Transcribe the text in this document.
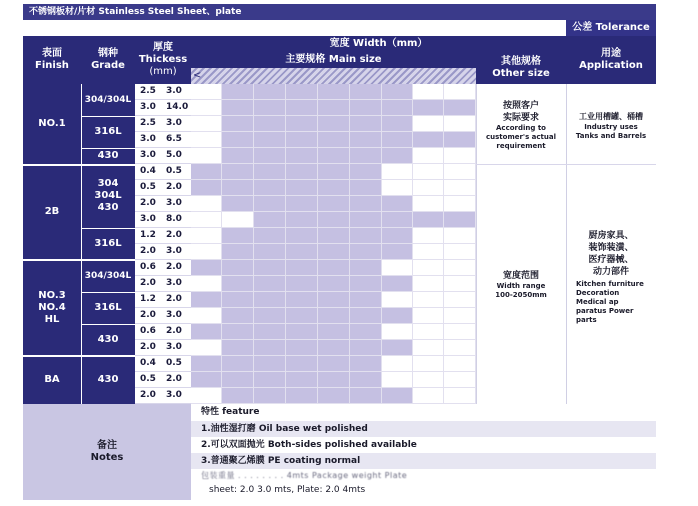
不锈钢板材/片材 Stainless Steel Sheet、plate
公差 Tolerance
表面
Finish
钢种
Grade
厚度
Thickess
(mm)
宽度 Width（mm）
主要规格 Main size
<
其他规格
Other size
用途
Application
NO.1
2B
NO.3
NO.4
HL
BA
304/304L
316L
430
304
304L
430
316L
304/304L
316L
430
430
2.5 3.0
3.0 14.0
2.5 3.0
3.0 6.5
3.0 5.0
0.4 0.5
0.5 2.0
2.0 3.0
3.0 8.0
1.2 2.0
2.0 3.0
0.6 2.0
2.0 3.0
1.2 2.0
2.0 3.0
0.6 2.0
2.0 3.0
0.4 0.5
0.5 2.0
2.0 3.0
按照客户
实际要求
According to
customer's actual
requirement
宽度范围
Width range
100-2050mm
工业用槽罐、桶槽
Industry uses
Tanks and Barrels
厨房家具、
装饰装潢、
医疗器械、
动力部件
Kitchen furniture
Decoration
Medical ap
paratus Power
parts
备注
Notes
特性 feature
1.油性湿打磨 Oil base wet polished
2.可以双面抛光 Both-sides polished available
3.普通聚乙烯膜 PE coating normal
包装重量 . . . . . . . . 4mts Package weight Plate
sheet: 2.0 3.0 mts, Plate: 2.0 4mts
